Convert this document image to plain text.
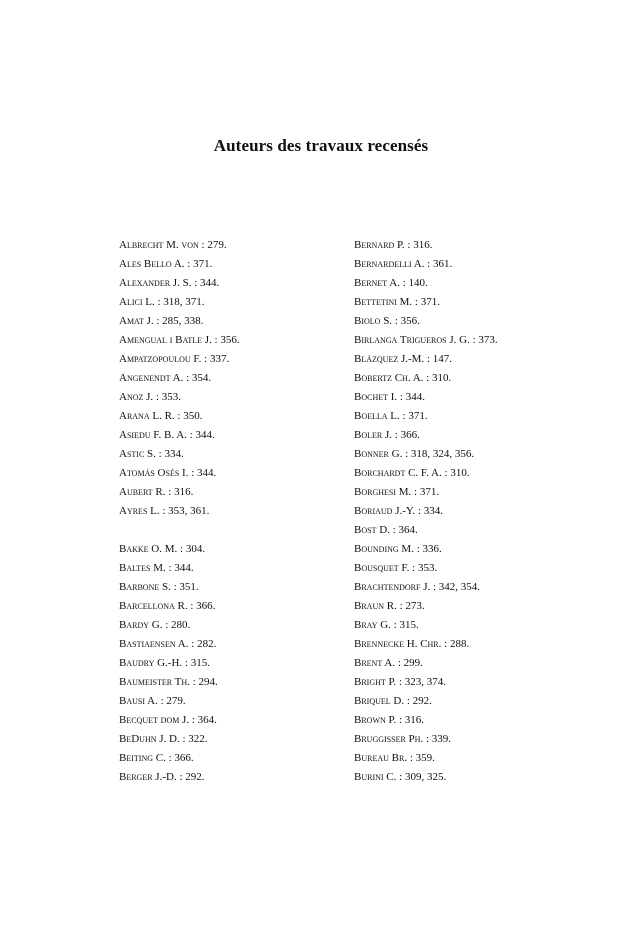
Auteurs des travaux recensés
Albrecht M. von : 279.
Ales Bello A. : 371.
Alexander J. S. : 344.
Alici L. : 318, 371.
Amat J. : 285, 338.
Amengual i Batle J. : 356.
Ampatzopoulou F. : 337.
Angenendt A. : 354.
Anoz J. : 353.
Arana L. R. : 350.
Asiedu F. B. A. : 344.
Astic S. : 334.
Atomás Osés I. : 344.
Aubert R. : 316.
Ayres L. : 353, 361.
Bakke O. M. : 304.
Baltes M. : 344.
Barbone S. : 351.
Barcellona R. : 366.
Bardy G. : 280.
Bastiaensen A. : 282.
Baudry G.-H. : 315.
Baumeister Th. : 294.
Bausi A. : 279.
Becquet dom J. : 364.
BeDuhn J. D. : 322.
Beiting C. : 366.
Berger J.-D. : 292.
Bernard P. : 316.
Bernardelli A. : 361.
Bernet A. : 140.
Bettetini M. : 371.
Biolo S. : 356.
Birlanga Trigueros J. G. : 373.
Blázquez J.-M. : 147.
Bobertz Ch. A. : 310.
Bochet I. : 344.
Boella L. : 371.
Boler J. : 366.
Bonner G. : 318, 324, 356.
Borchardt C. F. A. : 310.
Borghesi M. : 371.
Boriaud J.-Y. : 334.
Bost D. : 364.
Bounding M. : 336.
Bousquet F. : 353.
Brachtendorf J. : 342, 354.
Braun R. : 273.
Bray G. : 315.
Brennecke H. Chr. : 288.
Brent A. : 299.
Bright P. : 323, 374.
Briquel D. : 292.
Brown P. : 316.
Bruggisser Ph. : 339.
Bureau Br. : 359.
Burini C. : 309, 325.
